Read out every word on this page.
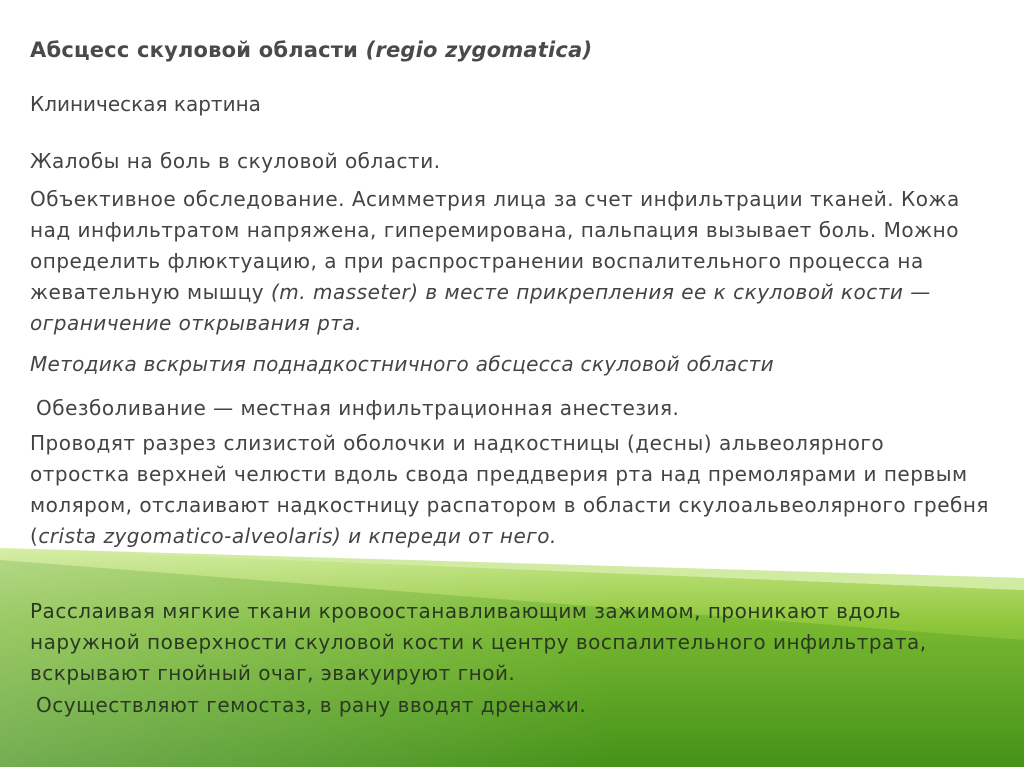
Абсцесс скуловой области (regio zygomatica)

Клиническая картина

Жалобы на боль в скуловой области.

Объективное обследование. Асимметрия лица за счет инфильтрации тканей. Кожа над инфильтратом напряжена, гиперемирована, пальпация вызывает боль. Можно определить флюктуацию, а при распространении воспалительного процесса на жевательную мышцу (m. masseter) в месте прикрепления ее к скуловой кости — ограничение открывания рта.

Методика вскрытия поднадкостничного абсцесса скуловой области

Обезболивание — местная инфильтрационная анестезия.

Проводят разрез слизистой оболочки и надкостницы (десны) альвеолярного отростка верхней челюсти вдоль свода преддверия рта над премолярами и первым моляром, отслаивают надкостницу распатором в области скулоальвеолярного гребня (crista zygomatico-alveolaris) и кпереди от него.

Расслаивая мягкие ткани кровоостанавливающим зажимом, проникают вдоль наружной поверхности скуловой кости к центру воспалительного инфильтрата, вскрывают гнойный очаг, эвакуируют гной.

Осуществляют гемостаз, в рану вводят дренажи.
